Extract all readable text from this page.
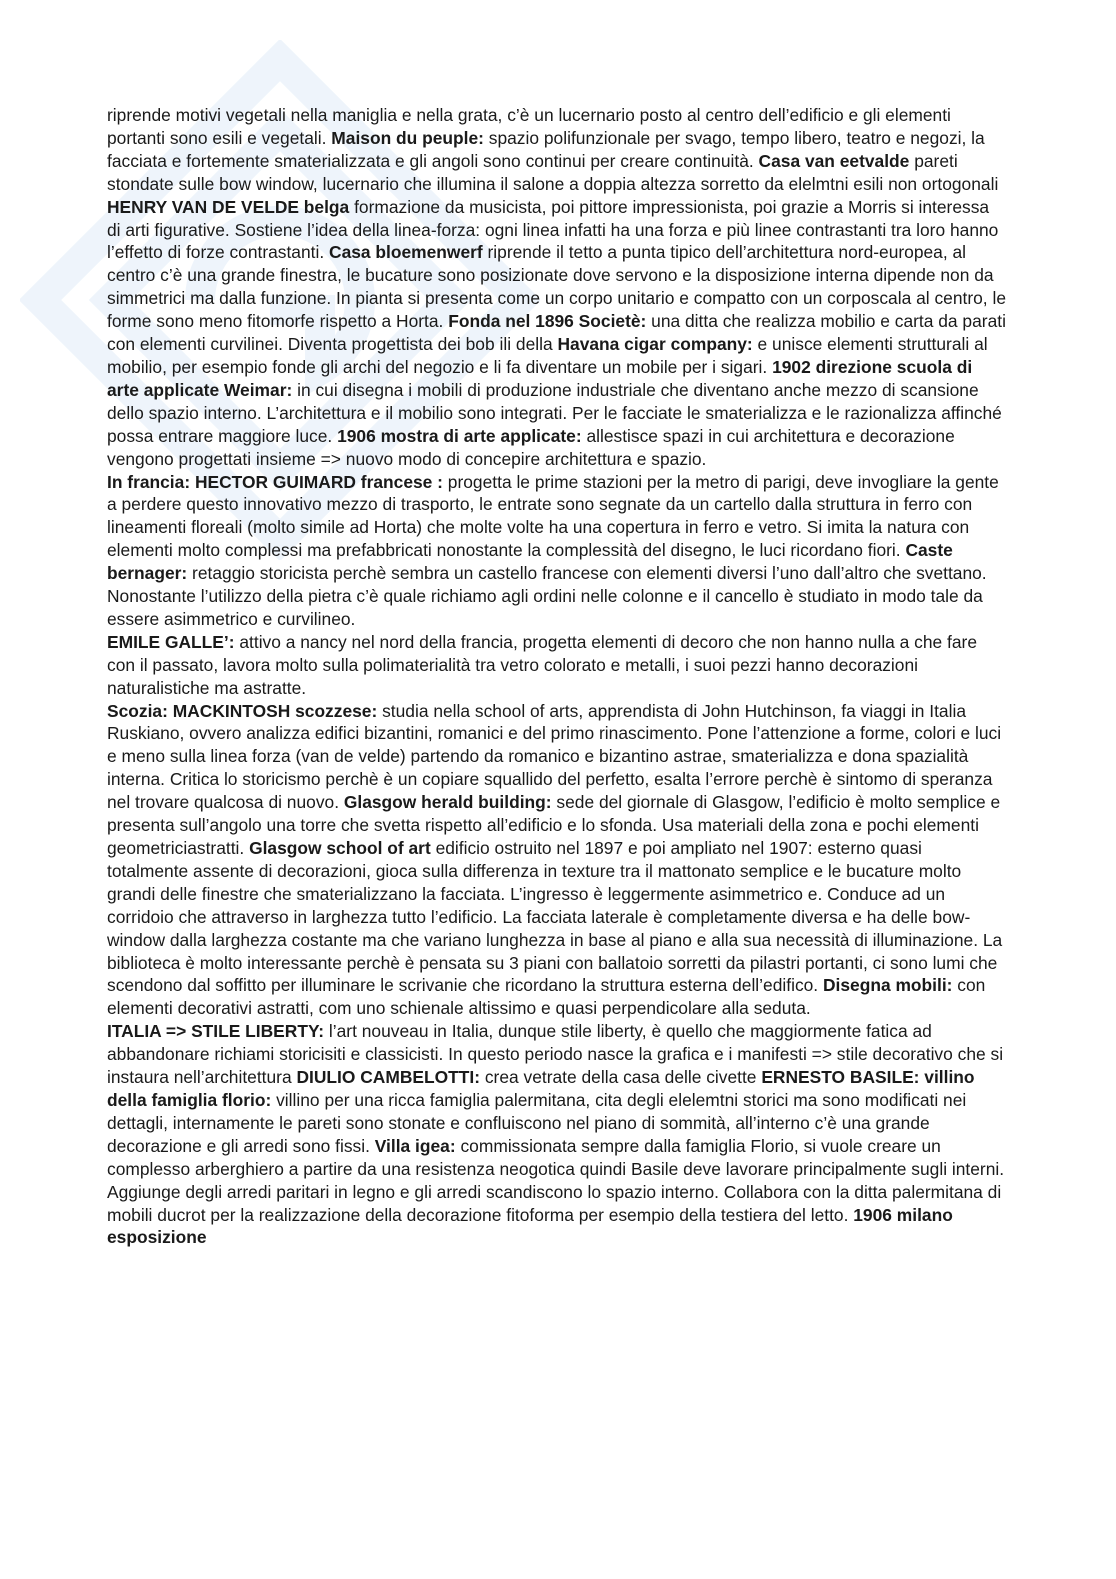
riprende motivi vegetali nella maniglia e nella grata, c’è un lucernario posto al centro dell’edificio e gli elementi portanti sono esili e vegetali. Maison du peuple: spazio polifunzionale per svago, tempo libero, teatro e negozi, la facciata e fortemente smaterializzata e gli angoli sono continui per creare continuità. Casa van eetvalde pareti stondate sulle bow window, lucernario che illumina il salone a doppia altezza sorretto da elelmtni esili non ortogonali

HENRY VAN DE VELDE belga formazione da musicista, poi pittore impressionista, poi grazie a Morris si interessa di arti figurative. Sostiene l’idea della linea-forza: ogni linea infatti ha una forza e più linee contrastanti tra loro hanno l’effetto di forze contrastanti. Casa bloemenwerf riprende il tetto a punta tipico dell’architettura nord-europea, al centro c’è una grande finestra, le bucature sono posizionate dove servono e la disposizione interna dipende non da simmetrici ma dalla funzione. In pianta si presenta come un corpo unitario e compatto con un corposcala al centro, le forme sono meno fitomorfe rispetto a Horta. Fonda nel 1896 Societè: una ditta che realizza mobilio e carta da parati con elementi curvilinei. Diventa progettista dei bob ili della Havana cigar company: e unisce elementi strutturali al mobilio, per esempio fonde gli archi del negozio e li fa diventare un mobile per i sigari. 1902 direzione scuola di arte applicate Weimar: in cui disegna i mobili di produzione industriale che diventano anche mezzo di scansione dello spazio interno. L’architettura e il mobilio sono integrati. Per le facciate le smaterializza e le razionalizza affinché possa entrare maggiore luce. 1906 mostra di arte applicate: allestisce spazi in cui architettura e decorazione vengono progettati insieme => nuovo modo di concepire architettura e spazio.

In francia: HECTOR GUIMARD francese : progetta le prime stazioni per la metro di parigi, deve invogliare la gente a perdere questo innovativo mezzo di trasporto, le entrate sono segnate da un cartello dalla struttura in ferro con lineamenti floreali (molto simile ad Horta) che molte volte ha una copertura in ferro e vetro. Si imita la natura con elementi molto complessi ma prefabbricati nonostante la complessità del disegno, le luci ricordano fiori. Caste bernager: retaggio storicista perchè sembra un castello francese con elementi diversi l’uno dall’altro che svettano. Nonostante l’utilizzo della pietra c’è quale richiamo agli ordini nelle colonne e il cancello è studiato in modo tale da essere asimmetrico e curvilineo.

EMILE GALLE’: attivo a nancy nel nord della francia, progetta elementi di decoro che non hanno nulla a che fare con il passato, lavora molto sulla polimaterialità tra vetro colorato e metalli, i suoi pezzi hanno decorazioni naturalistiche ma astratte.

Scozia: MACKINTOSH scozzese: studia nella school of arts, apprendista di John Hutchinson, fa viaggi in Italia Ruskiano, ovvero analizza edifici bizantini, romanici e del primo rinascimento. Pone l’attenzione a forme, colori e luci e meno sulla linea forza (van de velde) partendo da romanico e bizantino astrae, smaterializza e dona spazialità interna. Critica lo storicismo perchè è un copiare squallido del perfetto, esalta l’errore perchè è sintomo di speranza nel trovare qualcosa di nuovo. Glasgow herald building: sede del giornale di Glasgow, l’edificio è molto semplice e presenta sull’angolo una torre che svetta rispetto all’edificio e lo sfonda. Usa materiali della zona e pochi elementi geometriciastratti. Glasgow school of art edificio ostruito nel 1897 e poi ampliato nel 1907: esterno quasi totalmente assente di decorazioni, gioca sulla differenza in texture tra il mattonato semplice e le bucature molto grandi delle finestre che smaterializzano la facciata. L’ingresso è leggermente asimmetrico e. Conduce ad un corridoio che attraverso in larghezza tutto l’edificio. La facciata laterale è completamente diversa e ha delle bow-window dalla larghezza costante ma che variano lunghezza in base al piano e alla sua necessità di illuminazione. La biblioteca è molto interessante perchè è pensata su 3 piani con ballatoio sorretti da pilastri portanti, ci sono lumi che scendono dal soffitto per illuminare le scrivanie che ricordano la struttura esterna dell’edifico. Disegna mobili: con elementi decorativi astratti, com uno schienale altissimo e quasi perpendicolare alla seduta.

ITALIA => STILE LIBERTY: l’art nouveau in Italia, dunque stile liberty, è quello che maggiormente fatica ad abbandonare richiami storicisiti e classicisti. In questo periodo nasce la grafica e i manifesti => stile decorativo che si instaura nell’architettura DIULIO CAMBELOTTI: crea vetrate della casa delle civette ERNESTO BASILE: villino della famiglia florio: villino per una ricca famiglia palermitana, cita degli elelemtni storici ma sono modificati nei dettagli, internamente le pareti sono stonate e confluiscono nel piano di sommità, all’interno c’è una grande decorazione e gli arredi sono fissi. Villa igea: commissionata sempre dalla famiglia Florio, si vuole creare un complesso arberghiero a partire da una resistenza neogotica quindi Basile deve lavorare principalmente sugli interni. Aggiunge degli arredi paritari in legno e gli arredi scandiscono lo spazio interno. Collabora con la ditta palermitana di mobili ducrot per la realizzazione della decorazione fitoforma per esempio della testiera del letto. 1906 milano esposizione
